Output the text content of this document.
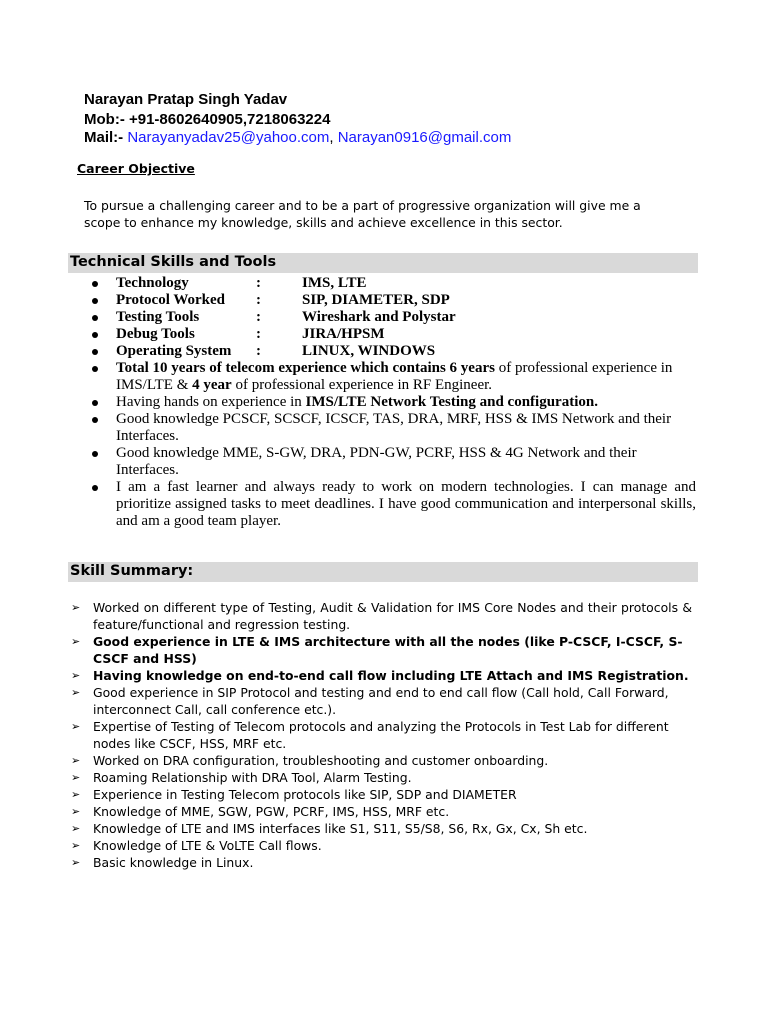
Narayan Pratap Singh Yadav
Mob:- +91-8602640905,7218063224
Mail:- Narayanyadav25@yahoo.com, Narayan0916@gmail.com
Career Objective
To pursue a challenging career and to be a part of progressive organization will give me a scope to enhance my knowledge, skills and achieve excellence in this sector.
Technical Skills and Tools
Technology	:	IMS, LTE
Protocol Worked :	SIP, DIAMETER, SDP
Testing Tools	:	Wireshark and Polystar
Debug Tools	:	JIRA/HPSM
Operating System :	LINUX, WINDOWS
Total 10 years of telecom experience which contains 6 years of professional experience in IMS/LTE & 4 year of professional experience in RF Engineer.
Having hands on experience in IMS/LTE Network Testing and configuration.
Good knowledge PCSCF, SCSCF, ICSCF, TAS, DRA, MRF, HSS & IMS Network and their Interfaces.
Good knowledge MME, S-GW, DRA, PDN-GW, PCRF, HSS & 4G Network and their Interfaces.
I am a fast learner and always ready to work on modern technologies. I can manage and prioritize assigned tasks to meet deadlines. I have good communication and interpersonal skills, and am a good team player.
Skill Summary:
➢ Worked on different type of Testing, Audit & Validation for IMS Core Nodes and their protocols & feature/functional and regression testing.
➢ Good experience in LTE & IMS architecture with all the nodes (like P-CSCF, I-CSCF, S-CSCF and HSS)
➢ Having knowledge on end-to-end call flow including LTE Attach and IMS Registration.
➢ Good experience in SIP Protocol and testing and end to end call flow (Call hold, Call Forward, interconnect Call, call conference etc.).
➢ Expertise of Testing of Telecom protocols and analyzing the Protocols in Test Lab for different nodes like CSCF, HSS, MRF etc.
➢ Worked on DRA configuration, troubleshooting and customer onboarding.
➢ Roaming Relationship with DRA Tool, Alarm Testing.
➢ Experience in Testing Telecom protocols like SIP, SDP and DIAMETER
➢ Knowledge of MME, SGW, PGW, PCRF, IMS, HSS, MRF etc.
➢ Knowledge of LTE and IMS interfaces like S1, S11, S5/S8, S6, Rx, Gx, Cx, Sh etc.
➢ Knowledge of LTE & VoLTE Call flows.
➢ Basic knowledge in Linux.
